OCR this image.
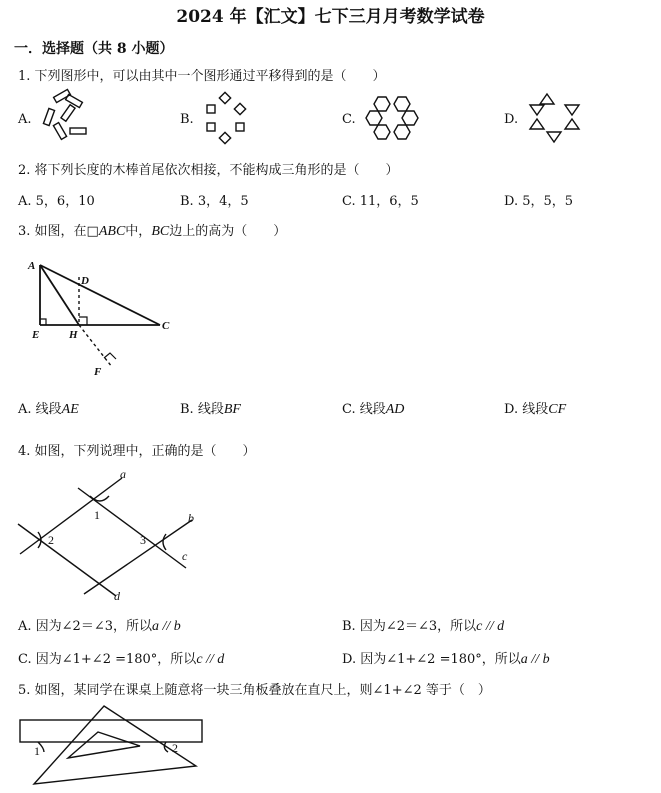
2024 年【汇文】七下三月月考数学试卷
一．选择题（共 8 小题）
1. 下列图形中，可以由其中一个图形通过平移得到的是（　　）
A.	B.	C.	D.
2. 将下列长度的木棒首尾依次相接，不能构成三角形的是（　　）
A. 5，6，10	B. 3，4，5	C. 11，6，5	D. 5，5，5
3. 如图，在□ABC中，BC边上的高为（　　）
A
D
E	H
C
F
A. 线段AE	B. 线段BF	C. 线段AD	D. 线段CF
4. 如图，下列说理中，正确的是（　　）
a
b
c
d
1
2	3
A. 因为∠2＝∠3，所以a // b	B. 因为∠2＝∠3，所以c // d
C. 因为∠1+∠2 =180°，所以c // d	D. 因为∠1+∠2 =180°，所以a // b
5. 如图，某同学在课桌上随意将一块三角板叠放在直尺上，则∠1+∠2 等于（　）
1	2
